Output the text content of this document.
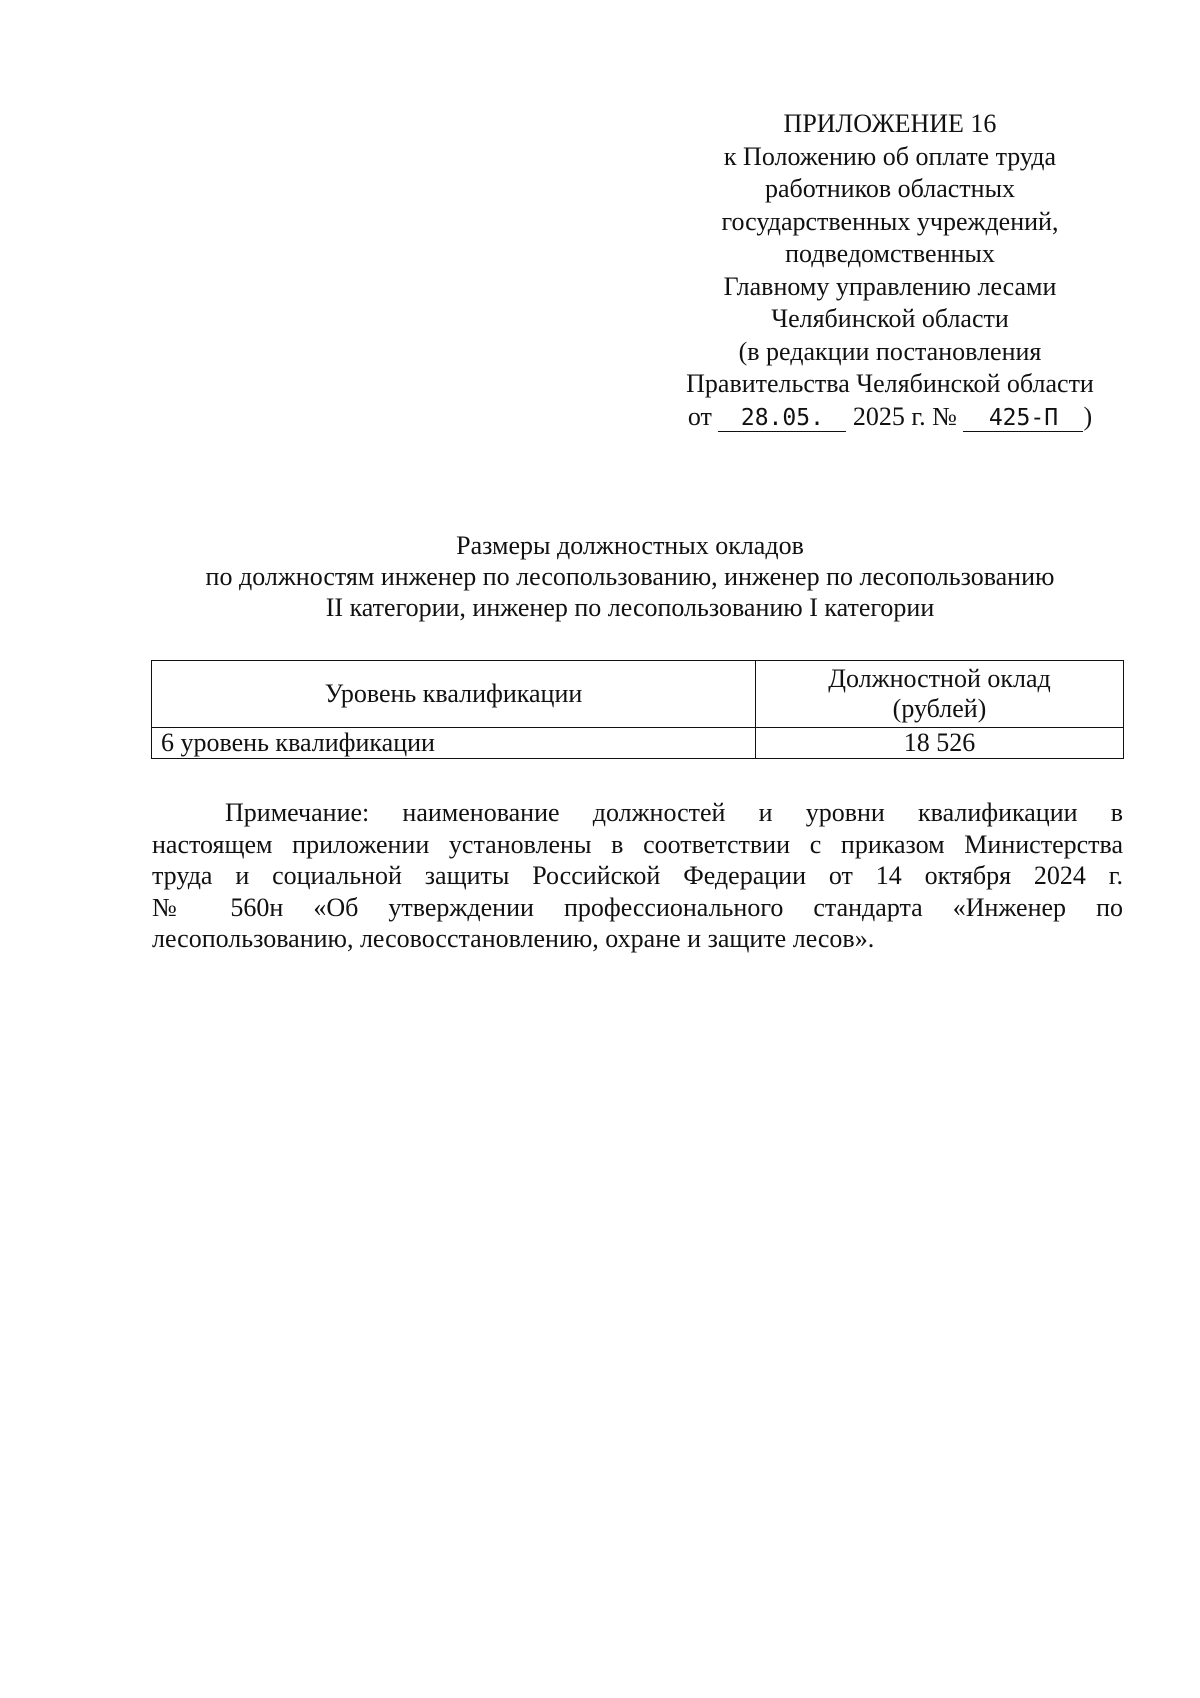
ПРИЛОЖЕНИЕ 16
к Положению об оплате труда
работников областных
государственных учреждений,
подведомственных
Главному управлению лесами
Челябинской области
(в редакции постановления
Правительства Челябинской области
от 28.05. 2025 г. № 425-П )
Размеры должностных окладов
по должностям инженер по лесопользованию, инженер по лесопользованию
II категории, инженер по лесопользованию I категории
Уровень квалификации	Должностной оклад
(рублей)

6 уровень квалификации	18 526
Примечание: наименование должностей и уровни квалификации в
настоящем приложении установлены в соответствии с приказом Министерства
труда и социальной защиты Российской Федерации от 14 октября 2024 г.
№ 560н «Об утверждении профессионального стандарта «Инженер по
лесопользованию, лесовосстановлению, охране и защите лесов».
